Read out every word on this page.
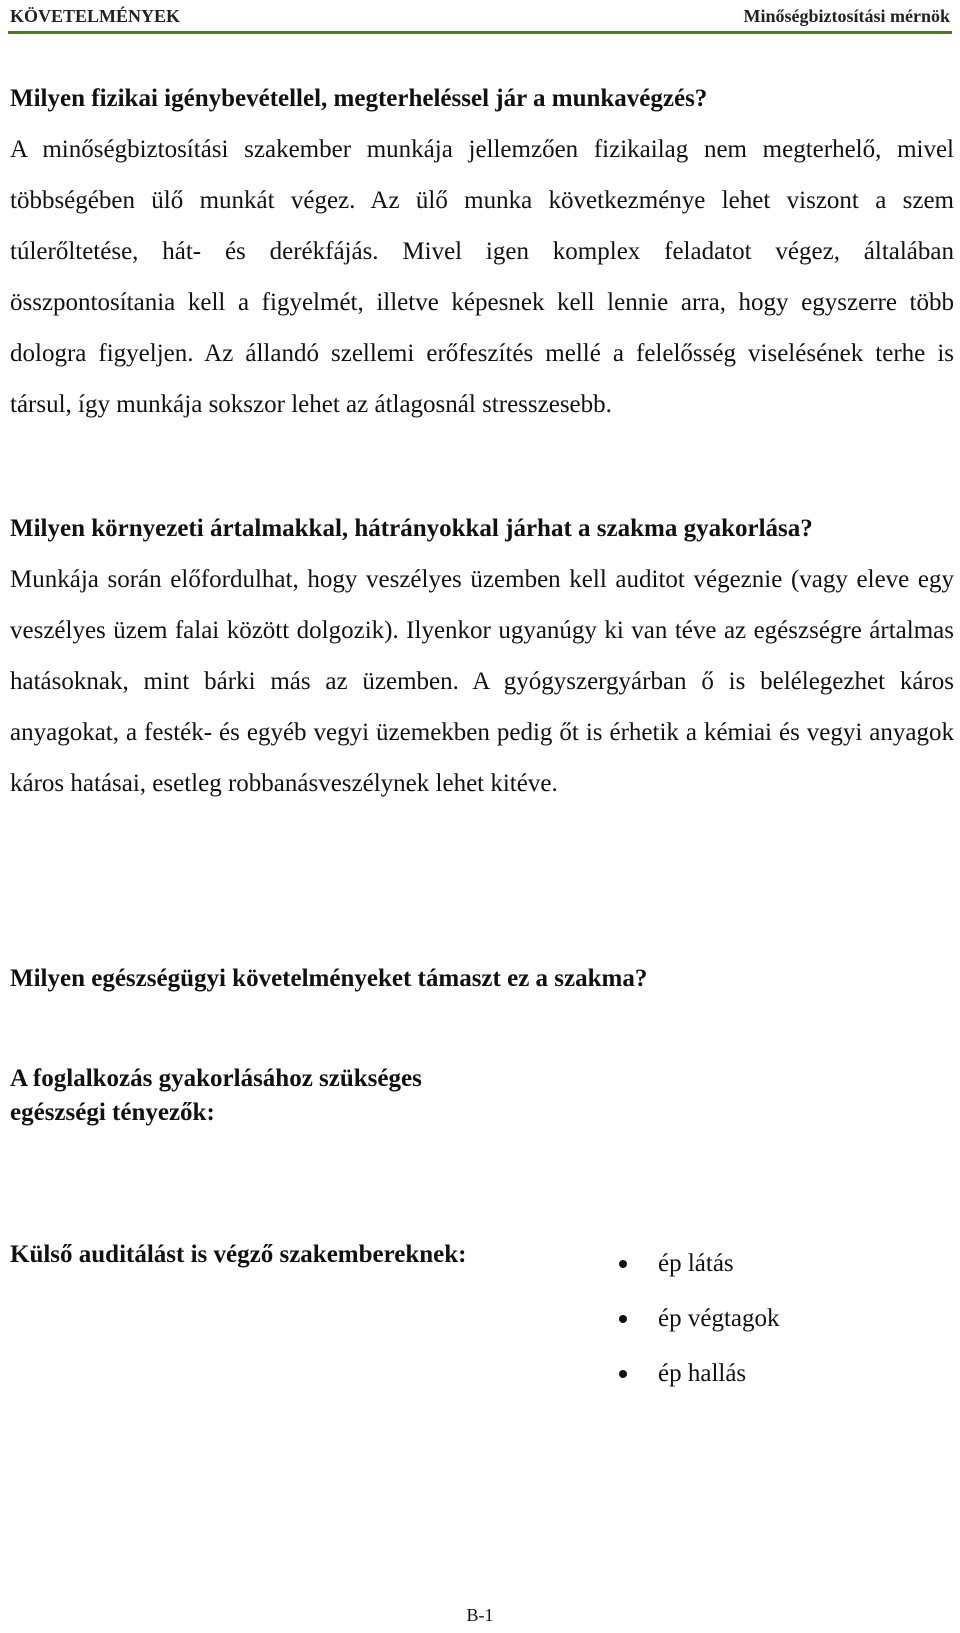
KÖVETELMÉNYEK	Minőségbiztosítási mérnök

Milyen fizikai igénybevétellel, megterheléssel jár a munkavégzés?

A minőségbiztosítási szakember munkája jellemzően fizikailag nem megterhelő, mivel többségében ülő munkát végez. Az ülő munka következménye lehet viszont a szem túlerőltetése, hát- és derékfájás. Mivel igen komplex feladatot végez, általában összpontosítania kell a figyelmét, illetve képesnek kell lennie arra, hogy egyszerre több dologra figyeljen. Az állandó szellemi erőfeszítés mellé a felelősség viselésének terhe is társul, így munkája sokszor lehet az átlagosnál stresszesebb.

Milyen környezeti ártalmakkal, hátrányokkal járhat a szakma gyakorlása?

Munkája során előfordulhat, hogy veszélyes üzemben kell auditot végeznie (vagy eleve egy veszélyes üzem falai között dolgozik). Ilyenkor ugyanúgy ki van téve az egészségre ártalmas hatásoknak, mint bárki más az üzemben. A gyógyszergyárban ő is belélegezhet káros anyagokat, a festék- és egyéb vegyi üzemekben pedig őt is érhetik a kémiai és vegyi anyagok káros hatásai, esetleg robbanásveszélynek lehet kitéve.

Milyen egészségügyi követelményeket támaszt ez a szakma?

A foglalkozás gyakorlásához szükséges

egészségi tényezők:

Külső auditálást is végző szakembereknek:	ép látás
ép végtagok
ép hallás
B-1
